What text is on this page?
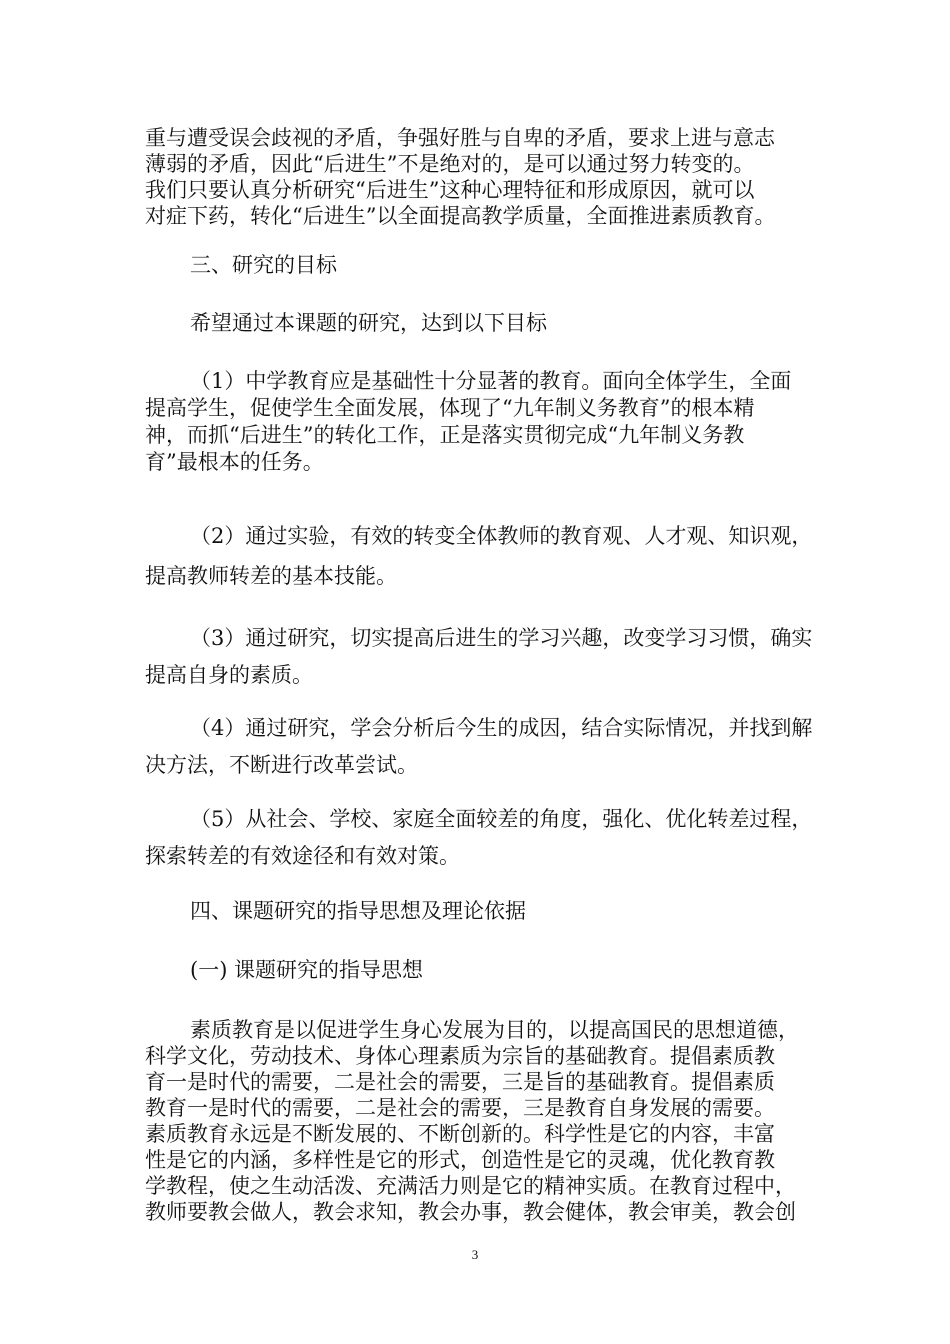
重与遭受误会歧视的矛盾，争强好胜与自卑的矛盾，要求上进与意志
薄弱的矛盾，因此“后进生”不是绝对的，是可以通过努力转变的。
我们只要认真分析研究“后进生”这种心理特征和形成原因，就可以
对症下药，转化“后进生”以全面提高教学质量，全面推进素质教育。
三、研究的目标
希望通过本课题的研究，达到以下目标
（1）中学教育应是基础性十分显著的教育。面向全体学生，全面
提高学生，促使学生全面发展，体现了“九年制义务教育”的根本精
神，而抓“后进生”的转化工作，正是落实贯彻完成“九年制义务教
育”最根本的任务。
（2）通过实验，有效的转变全体教师的教育观、人才观、知识观，
提高教师转差的基本技能。
（3）通过研究，切实提高后进生的学习兴趣，改变学习习惯，确实
提高自身的素质。
（4）通过研究，学会分析后今生的成因，结合实际情况，并找到解
决方法，不断进行改革尝试。
（5）从社会、学校、家庭全面较差的角度，强化、优化转差过程，
探索转差的有效途径和有效对策。
四、课题研究的指导思想及理论依据
(一) 课题研究的指导思想
素质教育是以促进学生身心发展为目的，以提高国民的思想道德，
科学文化，劳动技术、身体心理素质为宗旨的基础教育。提倡素质教
育一是时代的需要，二是社会的需要，三是旨的基础教育。提倡素质
教育一是时代的需要，二是社会的需要，三是教育自身发展的需要。
素质教育永远是不断发展的、不断创新的。科学性是它的内容，丰富
性是它的内涵，多样性是它的形式，创造性是它的灵魂，优化教育教
学教程，使之生动活泼、充满活力则是它的精神实质。在教育过程中，
教师要教会做人，教会求知，教会办事，教会健体，教会审美，教会创
3
